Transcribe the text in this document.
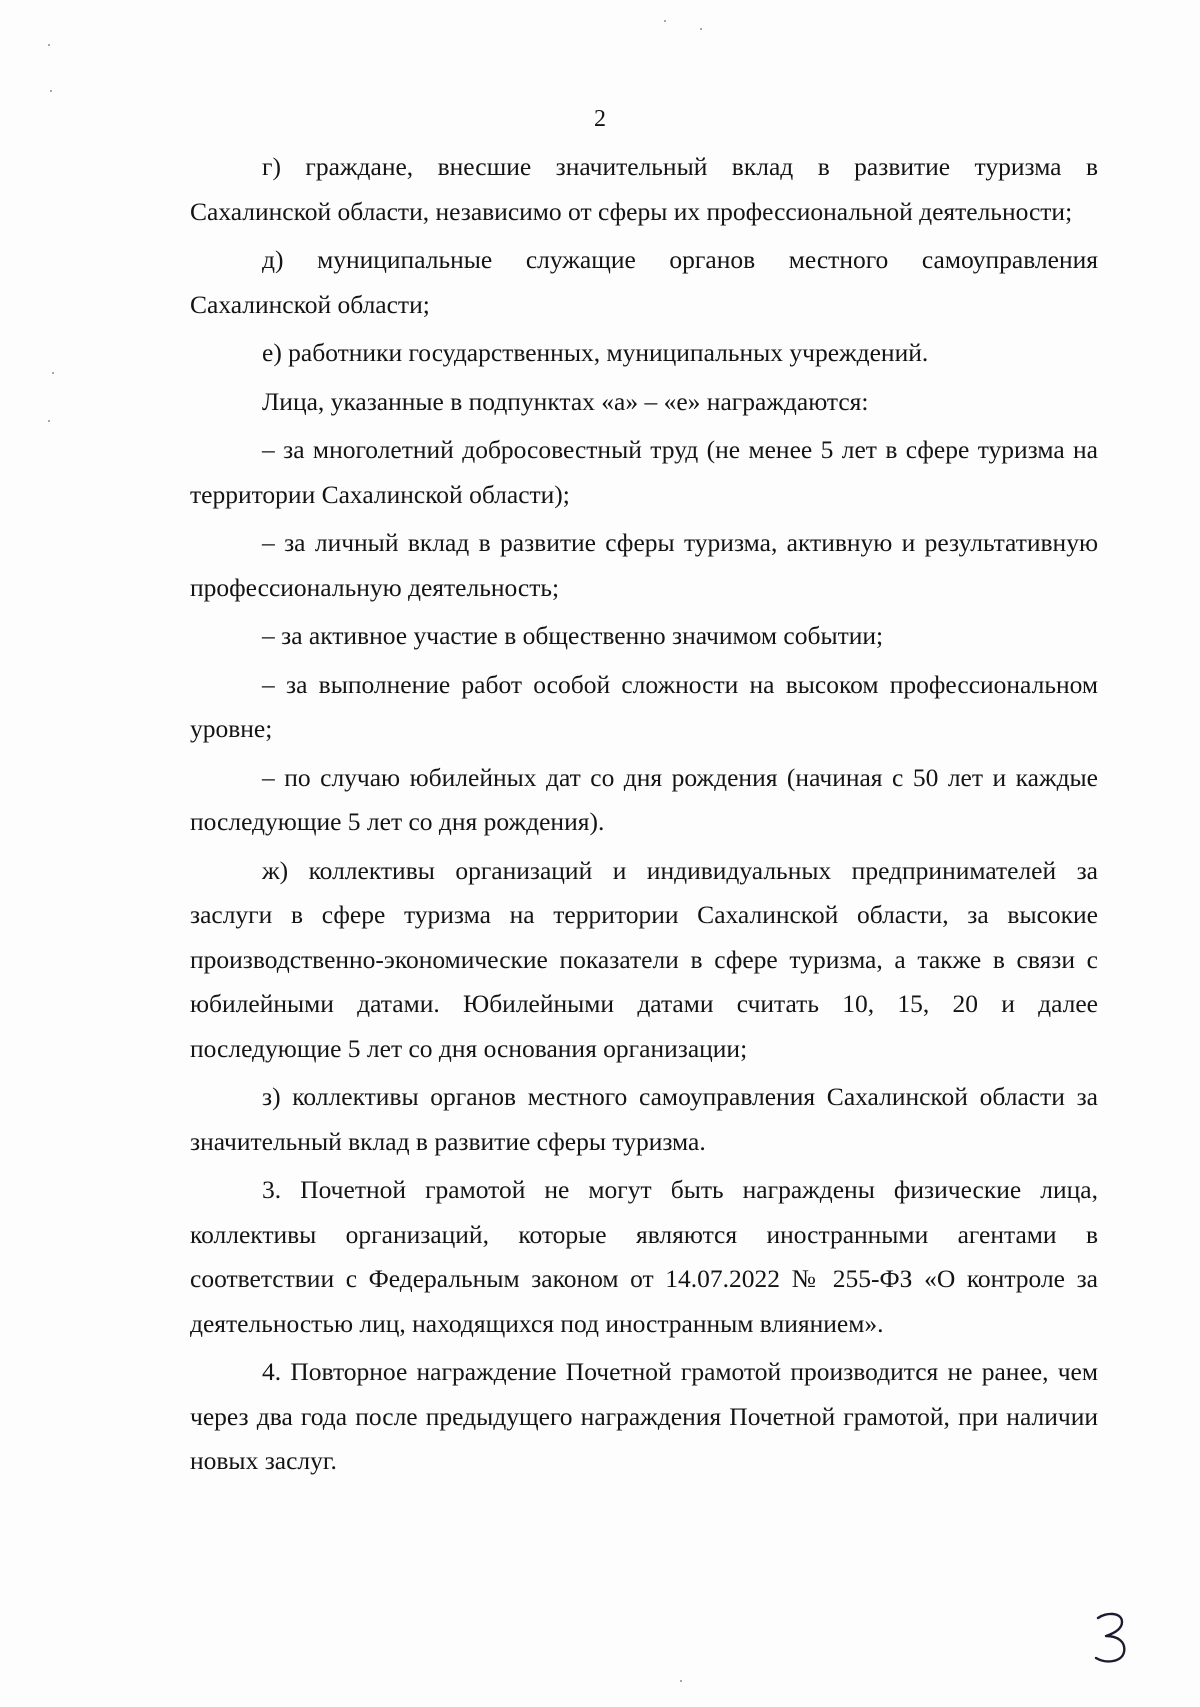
2

г) граждане, внесшие значительный вклад в развитие туризма в Сахалинской области, независимо от сферы их профессиональной деятельности;

д) муниципальные служащие органов местного самоуправления Сахалинской области;

е) работники государственных, муниципальных учреждений.

Лица, указанные в подпунктах «а» – «е» награждаются:

– за многолетний добросовестный труд (не менее 5 лет в сфере туризма на территории Сахалинской области);

– за личный вклад в развитие сферы туризма, активную и результативную профессиональную деятельность;

– за активное участие в общественно значимом событии;

– за выполнение работ особой сложности на высоком профессиональном уровне;

– по случаю юбилейных дат со дня рождения (начиная с 50 лет и каждые последующие 5 лет со дня рождения).

ж) коллективы организаций и индивидуальных предпринимателей за заслуги в сфере туризма на территории Сахалинской области, за высокие производственно-экономические показатели в сфере туризма, а также в связи с юбилейными датами. Юбилейными датами считать 10, 15, 20 и далее последующие 5 лет со дня основания организации;

з) коллективы органов местного самоуправления Сахалинской области за значительный вклад в развитие сферы туризма.

3. Почетной грамотой не могут быть награждены физические лица, коллективы организаций, которые являются иностранными агентами в соответствии с Федеральным законом от 14.07.2022 № 255-ФЗ «О контроле за деятельностью лиц, находящихся под иностранным влиянием».

4. Повторное награждение Почетной грамотой производится не ранее, чем через два года после предыдущего награждения Почетной грамотой, при наличии новых заслуг.
